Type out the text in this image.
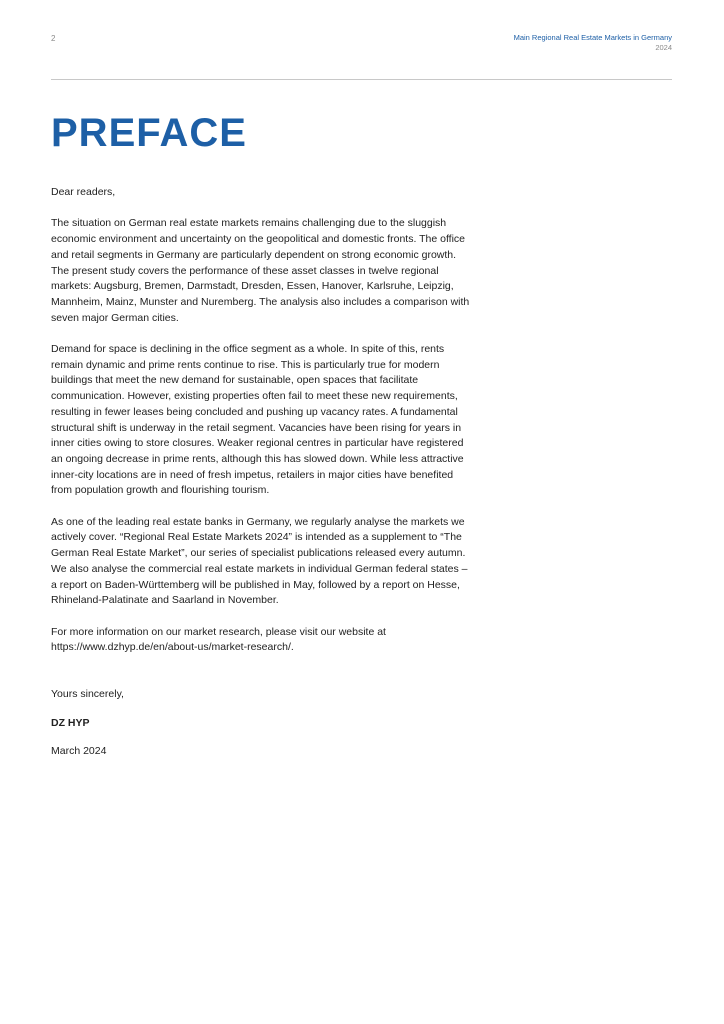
2	Main Regional Real Estate Markets in Germany
2024
PREFACE

Dear readers,

The situation on German real estate markets remains challenging due to the sluggish economic environment and uncertainty on the geopolitical and domestic fronts. The office and retail segments in Germany are particularly dependent on strong economic growth. The present study covers the performance of these asset classes in twelve regional markets: Augsburg, Bremen, Darmstadt, Dresden, Essen, Hanover, Karlsruhe, Leipzig, Mannheim, Mainz, Munster and Nuremberg. The analysis also includes a comparison with seven major German cities.

Demand for space is declining in the office segment as a whole. In spite of this, rents remain dynamic and prime rents continue to rise. This is particularly true for modern buildings that meet the new demand for sustainable, open spaces that facilitate communication. However, existing properties often fail to meet these new requirements, resulting in fewer leases being concluded and pushing up vacancy rates. A fundamental structural shift is underway in the retail segment. Vacancies have been rising for years in inner cities owing to store closures. Weaker regional centres in particular have registered an ongoing decrease in prime rents, although this has slowed down. While less attractive inner-city locations are in need of fresh impetus, retailers in major cities have benefited from population growth and flourishing tourism.

As one of the leading real estate banks in Germany, we regularly analyse the markets we actively cover. “Regional Real Estate Markets 2024” is intended as a supplement to “The German Real Estate Market”, our series of specialist publications released every autumn. We also analyse the commercial real estate markets in individual German federal states – a report on Baden-Württemberg will be published in May, followed by a report on Hesse, Rhineland-Palatinate and Saarland in November.

For more information on our market research, please visit our website at https://www.dzhyp.de/en/about-us/market-research/.

Yours sincerely,

DZ HYP

March 2024
